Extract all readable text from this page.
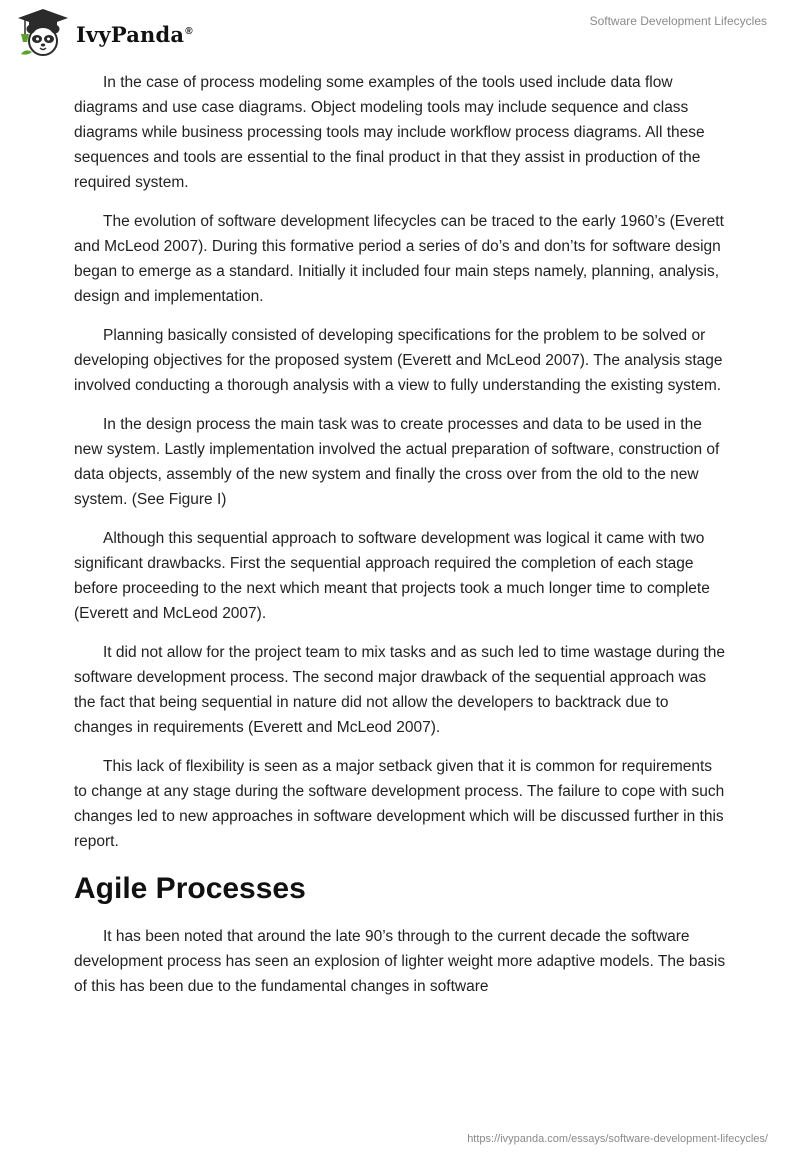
IvyPanda®
Software Development Lifecycles

In the case of process modeling some examples of the tools used include data flow diagrams and use case diagrams. Object modeling tools may include sequence and class diagrams while business processing tools may include workflow process diagrams. All these sequences and tools are essential to the final product in that they assist in production of the required system.

The evolution of software development lifecycles can be traced to the early 1960’s (Everett and McLeod 2007). During this formative period a series of do’s and don’ts for software design began to emerge as a standard. Initially it included four main steps namely, planning, analysis, design and implementation.

Planning basically consisted of developing specifications for the problem to be solved or developing objectives for the proposed system (Everett and McLeod 2007). The analysis stage involved conducting a thorough analysis with a view to fully understanding the existing system.

In the design process the main task was to create processes and data to be used in the new system. Lastly implementation involved the actual preparation of software, construction of data objects, assembly of the new system and finally the cross over from the old to the new system. (See Figure I)

Although this sequential approach to software development was logical it came with two significant drawbacks. First the sequential approach required the completion of each stage before proceeding to the next which meant that projects took a much longer time to complete (Everett and McLeod 2007).

It did not allow for the project team to mix tasks and as such led to time wastage during the software development process. The second major drawback of the sequential approach was the fact that being sequential in nature did not allow the developers to backtrack due to changes in requirements (Everett and McLeod 2007).

This lack of flexibility is seen as a major setback given that it is common for requirements to change at any stage during the software development process. The failure to cope with such changes led to new approaches in software development which will be discussed further in this report.

Agile Processes

It has been noted that around the late 90’s through to the current decade the software development process has seen an explosion of lighter weight more adaptive models. The basis of this has been due to the fundamental changes in software

https://ivypanda.com/essays/software-development-lifecycles/
